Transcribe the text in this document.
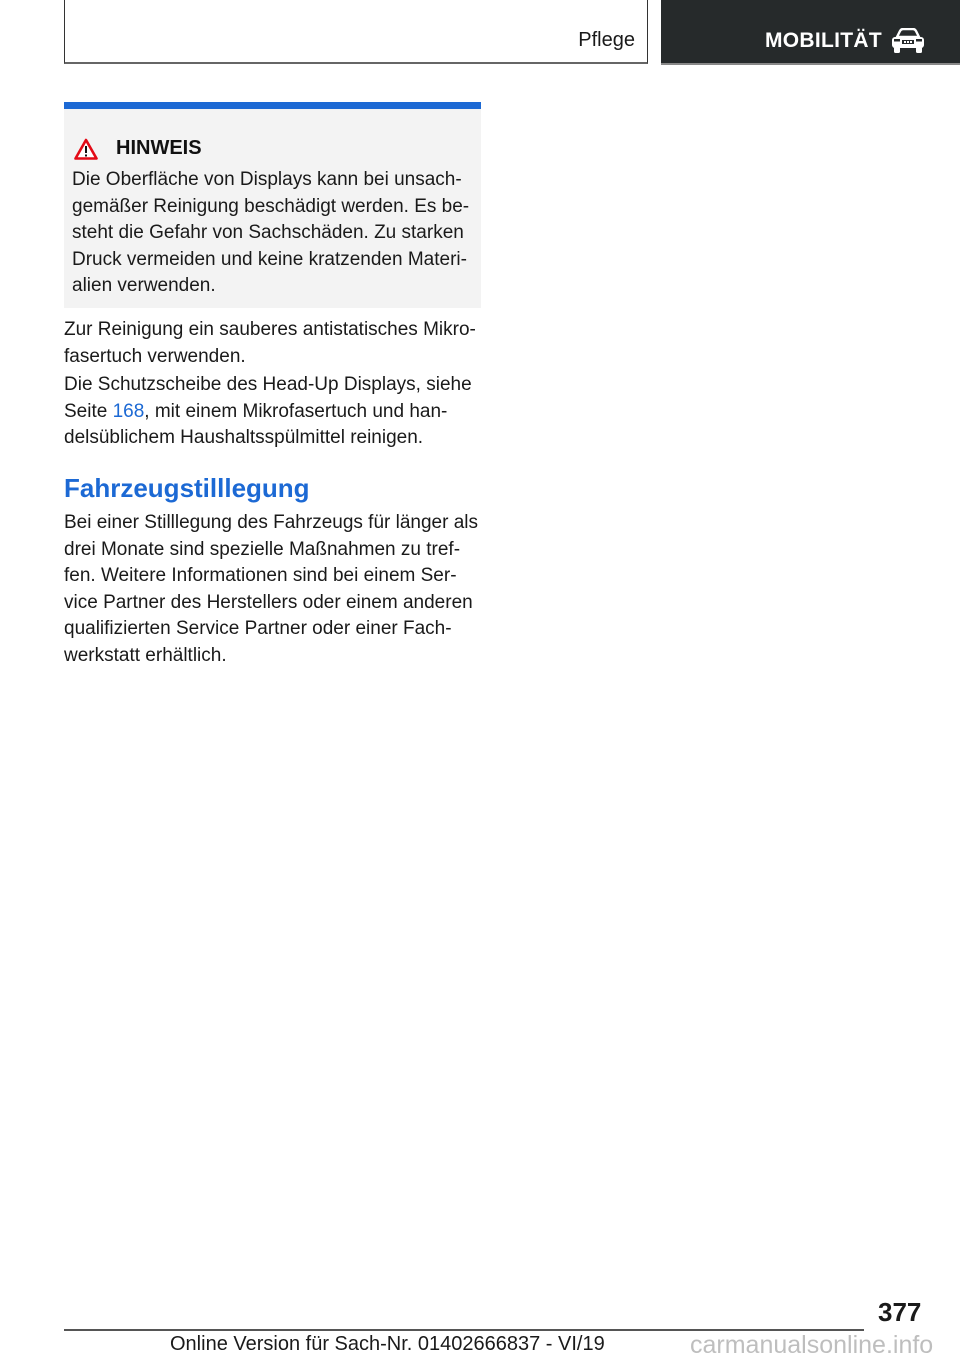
Pflege	MOBILITÄT
HINWEIS
Die Oberfläche von Displays kann bei unsach-
gemäßer Reinigung beschädigt werden. Es be-
steht die Gefahr von Sachschäden. Zu starken
Druck vermeiden und keine kratzenden Materi-
alien verwenden.
Zur Reinigung ein sauberes antistatisches Mikro-
fasertuch verwenden.
Die Schutzscheibe des Head-Up Displays, siehe
Seite 168, mit einem Mikrofasertuch und han-
delsüblichem Haushaltsspülmittel reinigen.
Fahrzeugstilllegung
Bei einer Stilllegung des Fahrzeugs für länger als
drei Monate sind spezielle Maßnahmen zu tref-
fen. Weitere Informationen sind bei einem Ser-
vice Partner des Herstellers oder einem anderen
qualifizierten Service Partner oder einer Fach-
werkstatt erhältlich.
377
Online Version für Sach-Nr. 01402666837 - VI/19	carmanualsonline.info
